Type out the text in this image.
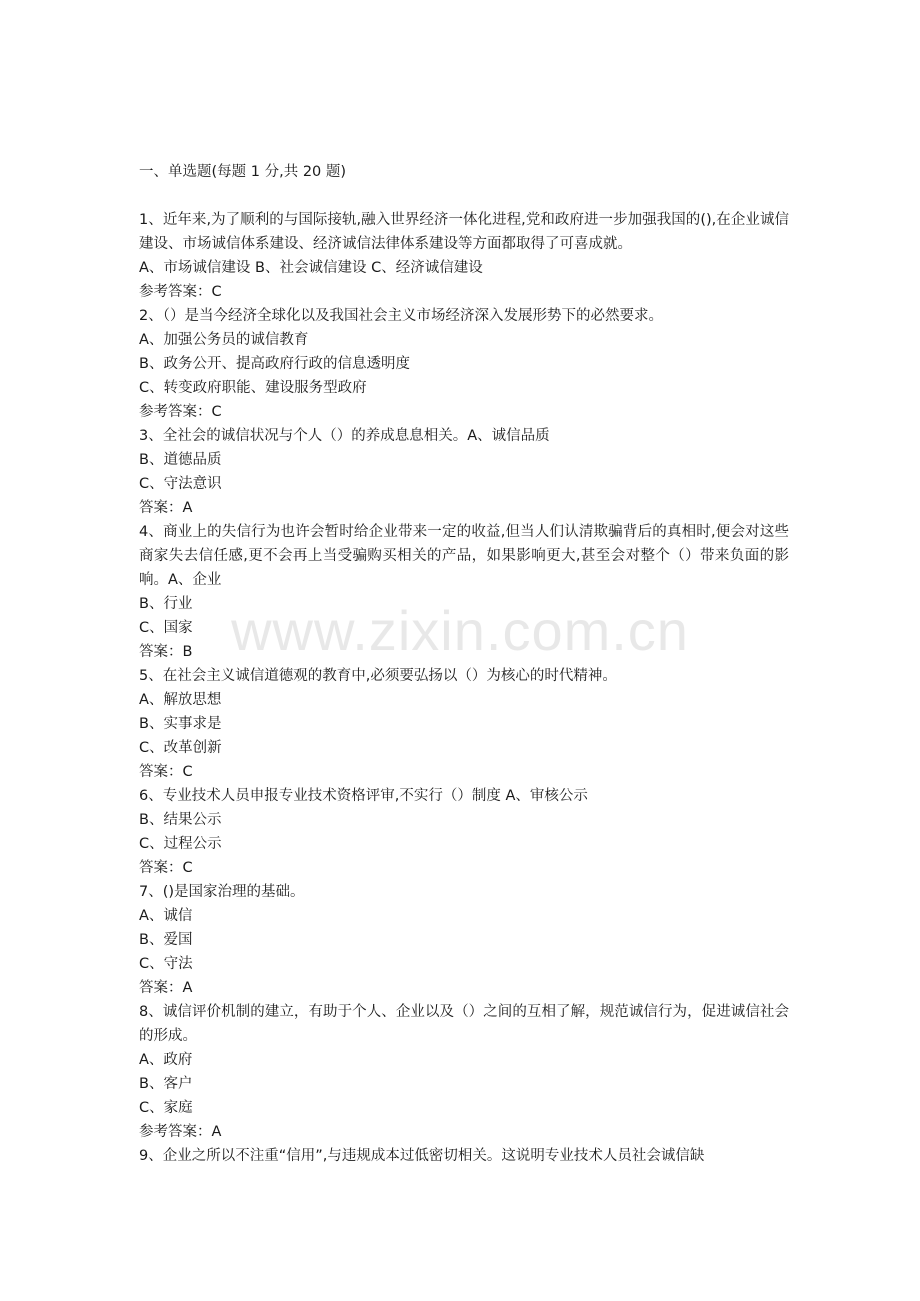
一、单选题(每题 1 分,共 20 题)
1、近年来,为了顺利的与国际接轨,融入世界经济一体化进程,党和政府进一步加强我国的(),在企业诚信建设、市场诚信体系建设、经济诚信法律体系建设等方面都取得了可喜成就。
A、市场诚信建设 B、社会诚信建设 C、经济诚信建设
参考答案：C
2、（）是当今经济全球化以及我国社会主义市场经济深入发展形势下的必然要求。
A、加强公务员的诚信教育
B、政务公开、提高政府行政的信息透明度
C、转变政府职能、建设服务型政府
参考答案：C
3、全社会的诚信状况与个人（）的养成息息相关。A、诚信品质
B、道德品质
C、守法意识
答案：A
4、商业上的失信行为也许会暂时给企业带来一定的收益,但当人们认清欺骗背后的真相时,便会对这些商家失去信任感,更不会再上当受骗购买相关的产品，如果影响更大,甚至会对整个（）带来负面的影响。A、企业
B、行业
C、国家
答案：B
5、在社会主义诚信道德观的教育中,必须要弘扬以（）为核心的时代精神。
A、解放思想
B、实事求是
C、改革创新
答案：C
6、专业技术人员申报专业技术资格评审,不实行（）制度 A、审核公示
B、结果公示
C、过程公示
答案：C
7、()是国家治理的基础。
A、诚信
B、爱国
C、守法
答案：A
8、诚信评价机制的建立，有助于个人、企业以及（）之间的互相了解，规范诚信行为，促进诚信社会的形成。
A、政府
B、客户
C、家庭
参考答案：A
9、企业之所以不注重“信用”,与违规成本过低密切相关。这说明专业技术人员社会诚信缺
www.zixin.com.cn
